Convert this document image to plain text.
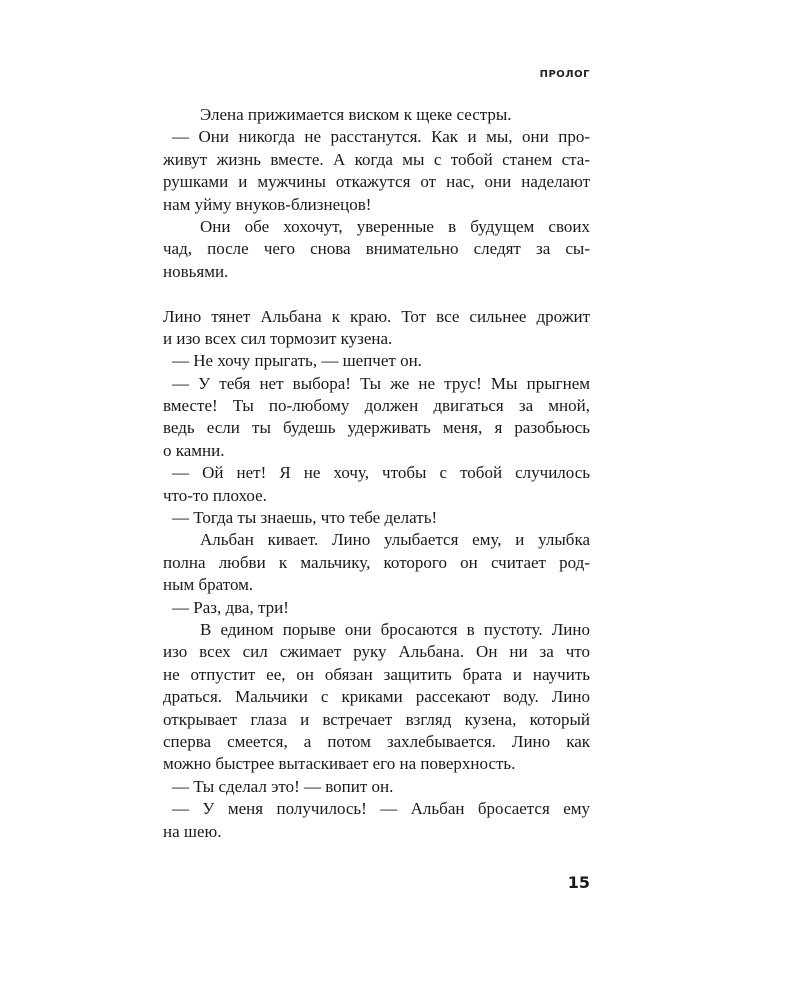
ПРОЛОГ
Элена прижимается виском к щеке сестры.
— Они никогда не расстанутся. Как и мы, они про-
живут жизнь вместе. А когда мы с тобой станем ста-
рушками и мужчины откажутся от нас, они наделают
нам уйму внуков-близнецов!
Они обе хохочут, уверенные в будущем своих
чад, после чего снова внимательно следят за сы-
новьями.
Лино тянет Альбана к краю. Тот все сильнее дрожит
и изо всех сил тормозит кузена.
— Не хочу прыгать, — шепчет он.
— У тебя нет выбора! Ты же не трус! Мы прыгнем
вместе! Ты по-любому должен двигаться за мной,
ведь если ты будешь удерживать меня, я разобьюсь
о камни.
— Ой нет! Я не хочу, чтобы с тобой случилось
что-то плохое.
— Тогда ты знаешь, что тебе делать!
Альбан кивает. Лино улыбается ему, и улыбка
полна любви к мальчику, которого он считает род-
ным братом.
— Раз, два, три!
В едином порыве они бросаются в пустоту. Лино
изо всех сил сжимает руку Альбана. Он ни за что
не отпустит ее, он обязан защитить брата и научить
драться. Мальчики с криками рассекают воду. Лино
открывает глаза и встречает взгляд кузена, который
сперва смеется, а потом захлебывается. Лино как
можно быстрее вытаскивает его на поверхность.
— Ты сделал это! — вопит он.
— У меня получилось! — Альбан бросается ему
на шею.
15
